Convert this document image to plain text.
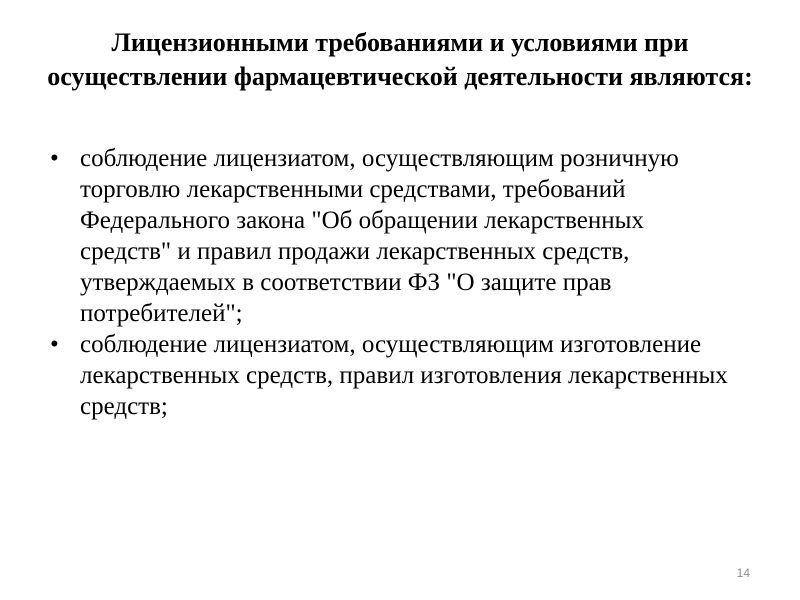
Лицензионными требованиями и условиями при осуществлении фармацевтической деятельности являются:
• соблюдение лицензиатом, осуществляющим розничную торговлю лекарственными средствами, требований Федерального закона "Об обращении лекарственных средств" и правил продажи лекарственных средств, утверждаемых в соответствии ФЗ "О защите прав потребителей";
• соблюдение лицензиатом, осуществляющим изготовление лекарственных средств, правил изготовления лекарственных средств;
14
